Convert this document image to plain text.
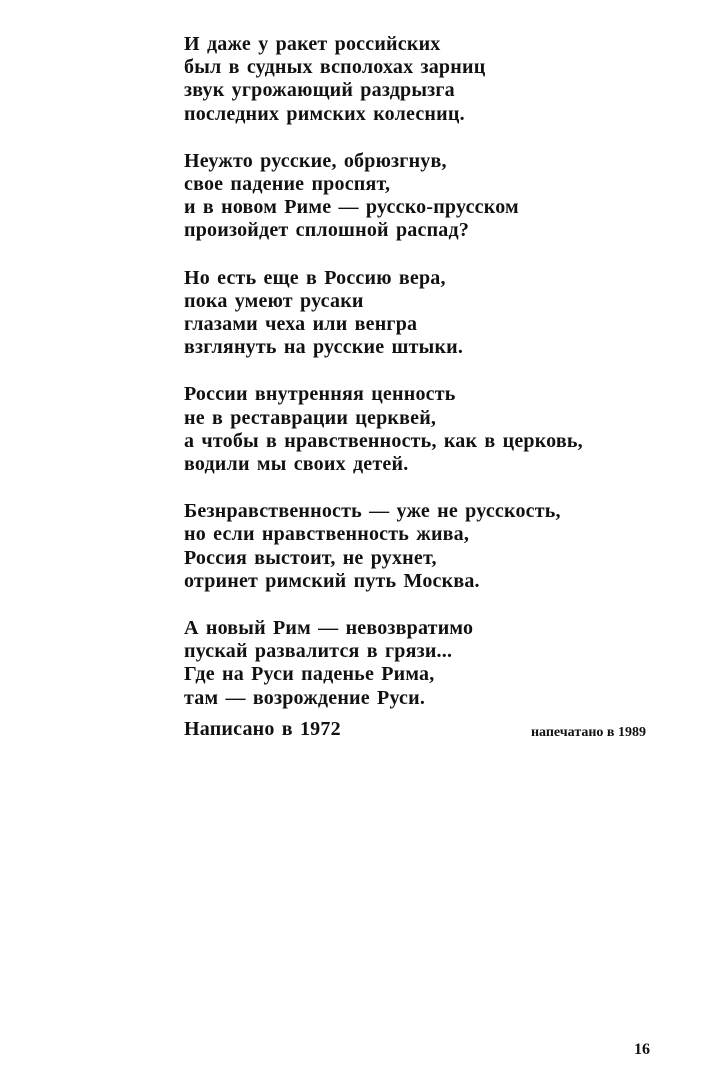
И даже у ракет российских
был в судных всполохах зарниц
звук угрожающий раздрызга
последних римских колесниц.
Неужто русские, обрюзгнув,
свое падение проспят,
и в новом Риме — русско-прусском
произойдет сплошной распад?
Но есть еще в Россию вера,
пока умеют русаки
глазами чеха или венгра
взглянуть на русские штыки.
России внутренняя ценность
не в реставрации церквей,
а чтобы в нравственность, как в церковь,
водили мы своих детей.
Безнравственность — уже не русскость,
но если нравственность жива,
Россия выстоит, не рухнет,
отринет римский путь Москва.
А новый Рим — невозвратимо
пускай развалится в грязи...
Где на Руси паденье Рима,
там — возрождение Руси.
Написано в 1972	напечатано в 1989
16
